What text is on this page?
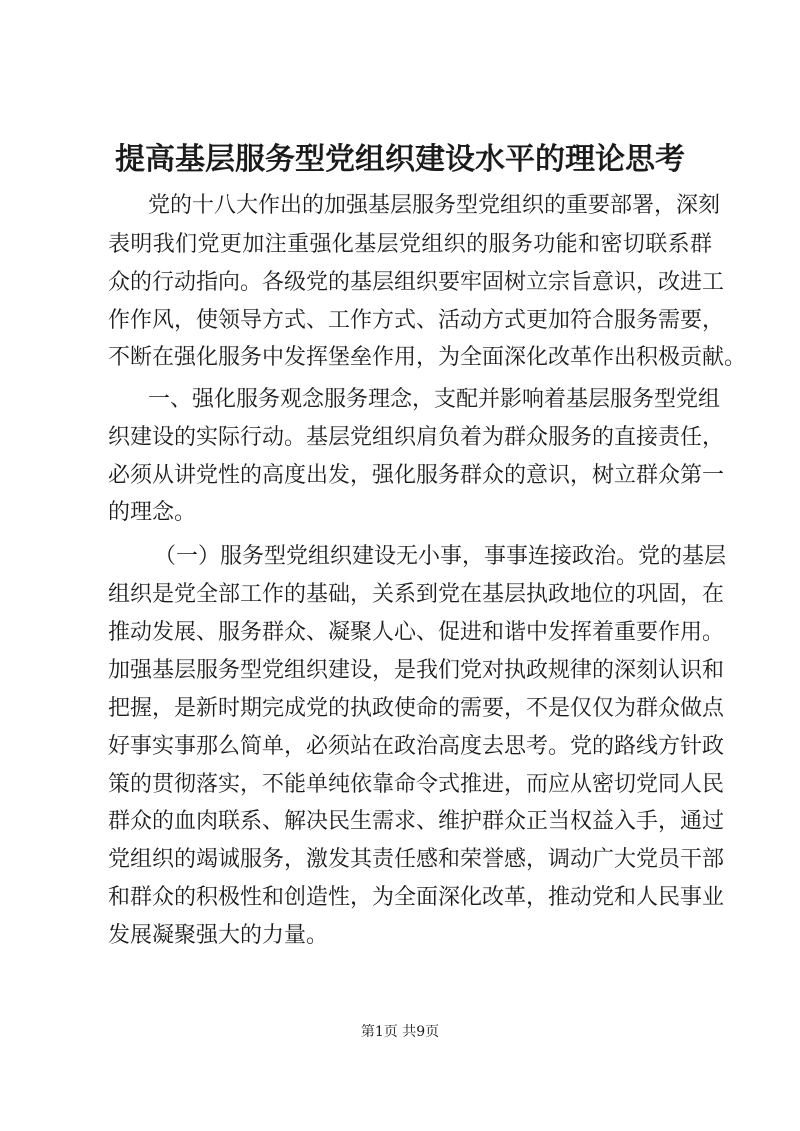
提高基层服务型党组织建设水平的理论思考
党的十八大作出的加强基层服务型党组织的重要部署，深刻
表明我们党更加注重强化基层党组织的服务功能和密切联系群
众的行动指向。各级党的基层组织要牢固树立宗旨意识，改进工
作作风，使领导方式、工作方式、活动方式更加符合服务需要，
不断在强化服务中发挥堡垒作用，为全面深化改革作出积极贡献。
一、强化服务观念服务理念，支配并影响着基层服务型党组
织建设的实际行动。基层党组织肩负着为群众服务的直接责任，
必须从讲党性的高度出发，强化服务群众的意识，树立群众第一
的理念。
（一）服务型党组织建设无小事，事事连接政治。党的基层
组织是党全部工作的基础，关系到党在基层执政地位的巩固，在
推动发展、服务群众、凝聚人心、促进和谐中发挥着重要作用。
加强基层服务型党组织建设，是我们党对执政规律的深刻认识和
把握，是新时期完成党的执政使命的需要，不是仅仅为群众做点
好事实事那么简单，必须站在政治高度去思考。党的路线方针政
策的贯彻落实，不能单纯依靠命令式推进，而应从密切党同人民
群众的血肉联系、解决民生需求、维护群众正当权益入手，通过
党组织的竭诚服务，激发其责任感和荣誉感，调动广大党员干部
和群众的积极性和创造性，为全面深化改革，推动党和人民事业
发展凝聚强大的力量。
第1页 共9页
